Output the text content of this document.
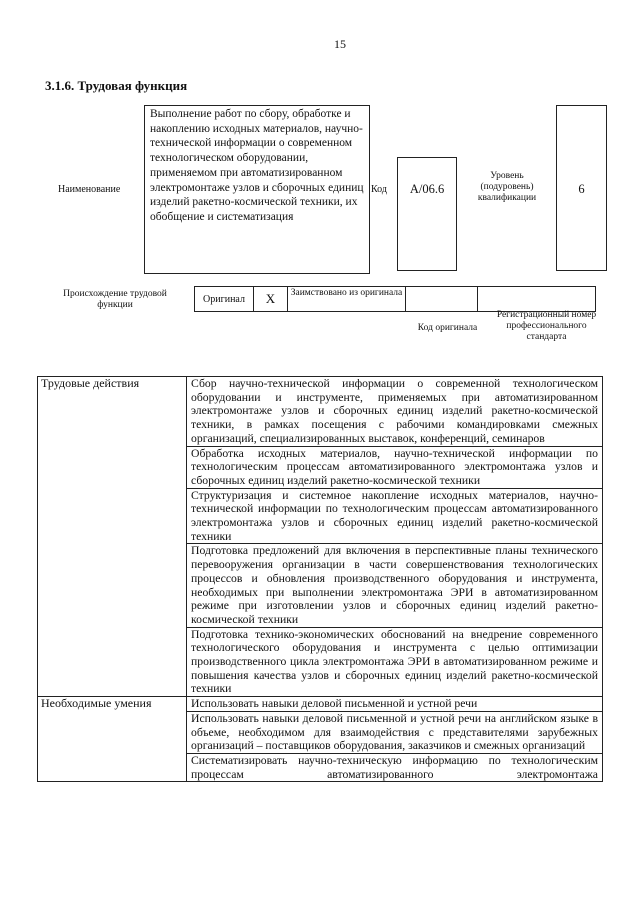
15
3.1.6. Трудовая функция
Наименование
Выполнение работ по сбору, обработке и накоплению исходных материалов, научно-технической информации о современном технологическом оборудовании, применяемом при автоматизированном электромонтаже узлов и сборочных единиц изделий ракетно-космической техники, их обобщение и систематизация
Код	A/06.6
Уровень (подуровень) квалификации
6
Происхождение трудовой функции
Оригинал	X	Заимствовано из оригинала

Код оригинала
Регистрационный номер профессионального стандарта
Трудовые действия	Сбор научно-технической информации о современной технологическом оборудовании и инструменте, применяемых при автоматизированном электромонтаже узлов и сборочных единиц изделий ракетно-космической техники, в рамках посещения с рабочими командировками смежных организаций, специализированных выставок, конференций, семинаров
	Обработка исходных материалов, научно-технической информации по технологическим процессам автоматизированного электромонтажа узлов и сборочных единиц изделий ракетно-космической техники
	Структуризация и системное накопление исходных материалов, научно-технической информации по технологическим процессам автоматизированного электромонтажа узлов и сборочных единиц изделий ракетно-космической техники
	Подготовка предложений для включения в перспективные планы технического перевооружения организации в части совершенствования технологических процессов и обновления производственного оборудования и инструмента, необходимых при выполнении электромонтажа ЭРИ в автоматизированном режиме при изготовлении узлов и сборочных единиц изделий ракетно-космической техники
	Подготовка технико-экономических обоснований на внедрение современного технологического оборудования и инструмента с целью оптимизации производственного цикла электромонтажа ЭРИ в автоматизированном режиме и повышения качества узлов и сборочных единиц изделий ракетно-космической техники
Необходимые умения	Использовать навыки деловой письменной и устной речи
	Использовать навыки деловой письменной и устной речи на английском языке в объеме, необходимом для взаимодействия с представителями зарубежных организаций – поставщиков оборудования, заказчиков и смежных организаций
	Систематизировать научно-техническую информацию по технологическим процессам автоматизированного электромонтажа
